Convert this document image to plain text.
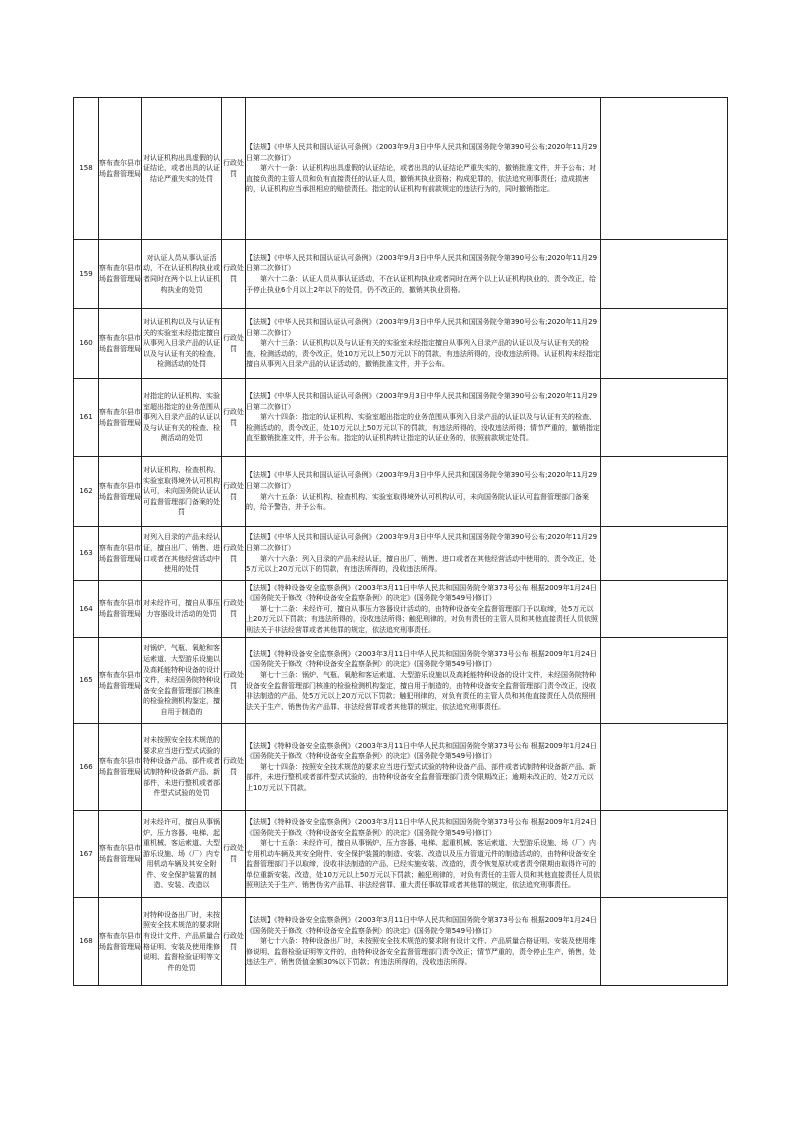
158	察布查尔县市场监督管理局	对认证机构出具虚假的认证结论，或者出具的认证结论严重失实的处罚	行政处罚	【法规】《中华人民共和国认证认可条例》（2003年9月3日中华人民共和国国务院令第390号公布;2020年11月29日第二次修订）
第六十一条：认证机构出具虚假的认证结论，或者出具的认证结论严重失实的，撤销批准文件，并予公布；对直接负责的主管人员和负有直接责任的认证人员，撤销其执业资格；构成犯罪的，依法追究刑事责任；造成损害的，认证机构应当承担相应的赔偿责任。指定的认证机构有前款规定的违法行为的，同时撤销指定。	

159	察布查尔县市场监督管理局	对认证人员从事认证活动，不在认证机构执业或者同时在两个以上认证机构执业的处罚	行政处罚	【法规】《中华人民共和国认证认可条例》（2003年9月3日中华人民共和国国务院令第390号公布;2020年11月29日第二次修订）
第六十二条：认证人员从事认证活动，不在认证机构执业或者同时在两个以上认证机构执业的，责令改正，给予停止执业6个月以上2年以下的处罚，仍不改正的，撤销其执业资格。	

160	察布查尔县市场监督管理局	对认证机构以及与认证有关的实验室未经指定擅自从事列入目录产品的认证以及与认证有关的检查、检测活动的处罚	行政处罚	【法规】《中华人民共和国认证认可条例》（2003年9月3日中华人民共和国国务院令第390号公布;2020年11月29日第二次修订）
第六十三条：认证机构以及与认证有关的实验室未经指定擅自从事列入目录产品的认证以及与认证有关的检查、检测活动的，责令改正，处10万元以上50万元以下的罚款，有违法所得的，没收违法所得。认证机构未经指定擅自从事列入目录产品的认证活动的，撤销批准文件，并予公布。	

161	察布查尔县市场监督管理局	对指定的认证机构、实验室超出指定的业务范围从事列入目录产品的认证以及与认证有关的检查、检测活动的处罚	行政处罚	【法规】《中华人民共和国认证认可条例》（2003年9月3日中华人民共和国国务院令第390号公布;2020年11月29日第二次修订）
第六十四条：指定的认证机构、实验室超出指定的业务范围从事列入目录产品的认证以及与认证有关的检查、检测活动的，责令改正，处10万元以上50万元以下的罚款，有违法所得的，没收违法所得；情节严重的，撤销指定直至撤销批准文件，并予公布。指定的认证机构转让指定的认证业务的，依照前款规定处罚。	

162	察布查尔县市场监督管理局	对认证机构、检查机构、实验室取得境外认可机构认可，未向国务院认证认可监督管理部门备案的处罚	行政处罚	【法规】《中华人民共和国认证认可条例》（2003年9月3日中华人民共和国国务院令第390号公布;2020年11月29日第二次修订）
第六十五条：认证机构、检查机构、实验室取得境外认可机构认可，未向国务院认证认可监督管理部门备案的，给予警告，并予公布。	

163	察布查尔县市场监督管理局	对列入目录的产品未经认证，擅自出厂、销售、进口或者在其他经营活动中使用的处罚	行政处罚	【法规】《中华人民共和国认证认可条例》（2003年9月3日中华人民共和国国务院令第390号公布;2020年11月29日第二次修订）
第六十六条：列入目录的产品未经认证，擅自出厂、销售、进口或者在其他经营活动中使用的，责令改正，处5万元以上20万元以下的罚款，有违法所得的，没收违法所得。	

164	察布查尔县市场监督管理局	对未经许可，擅自从事压力容器设计活动的处罚	行政处罚	【法规】《特种设备安全监察条例》（2003年3月11日中华人民共和国国务院令第373号公布 根据2009年1月24日《国务院关于修改〈特种设备安全监察条例〉的决定》(国务院令第549号)修订）
第七十二条：未经许可，擅自从事压力容器设计活动的，由特种设备安全监督管理部门予以取缔，处5万元以上20万元以下罚款；有违法所得的，没收违法所得；触犯刑律的，对负有责任的主管人员和其他直接责任人员依照刑法关于非法经营罪或者其他罪的规定，依法追究刑事责任。	

165	察布查尔县市场监督管理局	对锅炉、气瓶、氧舱和客运索道、大型游乐设施以及高耗能特种设备的设计文件，未经国务院特种设备安全监督管理部门核准的检验检测机构鉴定，擅自用于制造的	行政处罚	【法规】《特种设备安全监察条例》（2003年3月11日中华人民共和国国务院令第373号公布 根据2009年1月24日《国务院关于修改〈特种设备安全监察条例〉的决定》(国务院令第549号)修订）
第七十三条：锅炉、气瓶、氧舱和客运索道、大型游乐设施以及高耗能特种设备的设计文件，未经国务院特种设备安全监督管理部门核准的检验检测机构鉴定，擅自用于制造的，由特种设备安全监督管理部门责令改正，没收非法制造的产品，处5万元以上20万元以下罚款；触犯刑律的，对负有责任的主管人员和其他直接责任人员依照刑法关于生产、销售伪劣产品罪、非法经营罪或者其他罪的规定，依法追究刑事责任。	

166	察布查尔县市场监督管理局	对未按照安全技术规范的要求应当进行型式试验的特种设备产品、部件或者试制特种设备新产品、新部件，未进行整机或者部件型式试验的处罚	行政处罚	【法规】《特种设备安全监察条例》（2003年3月11日中华人民共和国国务院令第373号公布 根据2009年1月24日《国务院关于修改〈特种设备安全监察条例〉的决定》(国务院令第549号)修订）
第七十四条：按照安全技术规范的要求应当进行型式试验的特种设备产品、部件或者试制特种设备新产品、新部件，未进行整机或者部件型式试验的，由特种设备安全监督管理部门责令限期改正；逾期未改正的，处2万元以上10万元以下罚款。	

167	察布查尔县市场监督管理局	对未经许可，擅自从事锅炉、压力容器、电梯、起重机械、客运索道、大型游乐设施、场（厂）内专用机动车辆及其安全附件、安全保护装置的制造、安装、改造以	行政处罚	【法规】《特种设备安全监察条例》（2003年3月11日中华人民共和国国务院令第373号公布 根据2009年1月24日《国务院关于修改〈特种设备安全监察条例〉的决定》(国务院令第549号)修订）
第七十五条：未经许可，擅自从事锅炉、压力容器、电梯、起重机械、客运索道、大型游乐设施、场（厂）内专用机动车辆及其安全附件、安全保护装置的制造、安装、改造以及压力管道元件的制造活动的，由特种设备安全监督管理部门予以取缔，没收非法制造的产品，已经实施安装、改造的，责令恢复原状或者责令限期由取得许可的单位重新安装、改造，处10万元以上50万元以下罚款；触犯刑律的，对负有责任的主管人员和其他直接责任人员依照刑法关于生产、销售伪劣产品罪、非法经营罪、重大责任事故罪或者其他罪的规定，依法追究刑事责任。	

168	察布查尔县市场监督管理局	对特种设备出厂时，未按照安全技术规范的要求附有设计文件、产品质量合格证明、安装及使用维修说明、监督检验证明等文件的处罚	行政处罚	【法规】《特种设备安全监察条例》（2003年3月11日中华人民共和国国务院令第373号公布 根据2009年1月24日《国务院关于修改〈特种设备安全监察条例〉的决定》(国务院令第549号)修订）
第七十六条：特种设备出厂时，未按照安全技术规范的要求附有设计文件、产品质量合格证明、安装及使用维修说明、监督检验证明等文件的，由特种设备安全监督管理部门责令改正；情节严重的，责令停止生产、销售，处违法生产、销售货值金额30%以下罚款；有违法所得的，没收违法所得。	
